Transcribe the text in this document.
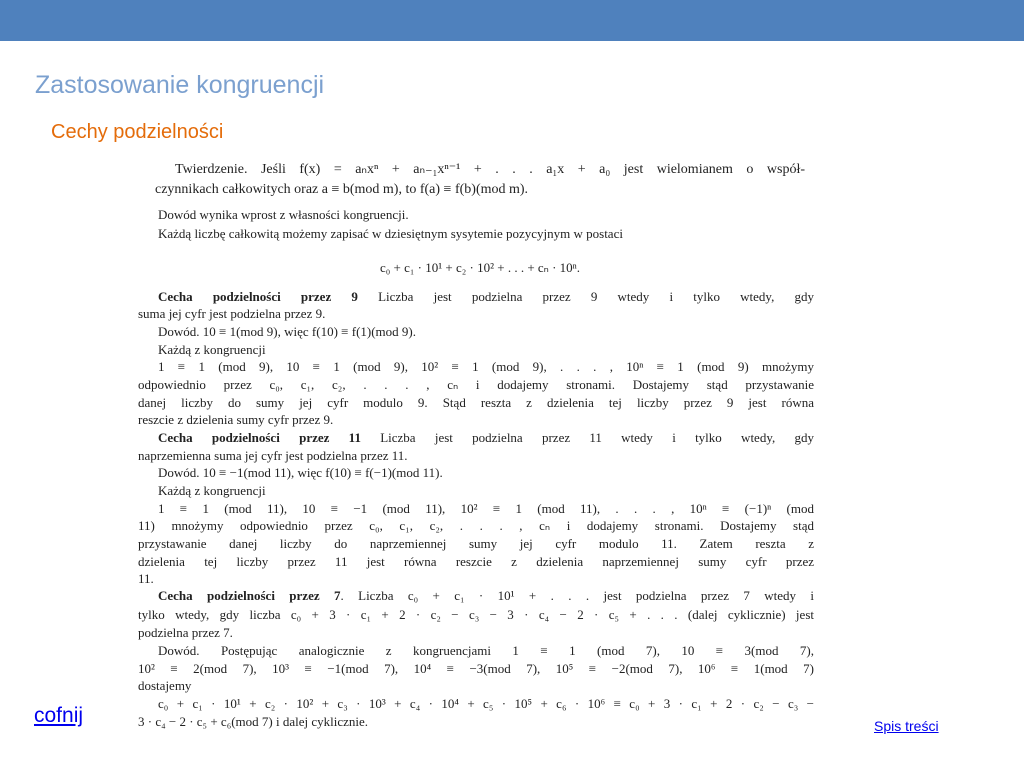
Zastosowanie kongruencji
Cechy podzielności
Twierdzenie. Jeśli f(x) = aₙxⁿ + aₙ₋₁xⁿ⁻¹ + . . . a₁x + a₀ jest wielomianem o współ-
czynnikach całkowitych oraz a ≡ b(mod m), to f(a) ≡ f(b)(mod m).
Dowód wynika wprost z własności kongruencji.
Każdą liczbę całkowitą możemy zapisać w dziesiętnym sysytemie pozycyjnym w postaci
c₀ + c₁ · 10¹ + c₂ · 10² + . . . + cₙ · 10ⁿ.
Cecha podzielności przez 9 Liczba jest podzielna przez 9 wtedy i tylko wtedy, gdy
suma jej cyfr jest podzielna przez 9.
Dowód. 10 ≡ 1(mod 9), więc f(10) ≡ f(1)(mod 9).
Każdą z kongruencji
1 ≡ 1 (mod 9), 10 ≡ 1 (mod 9), 10² ≡ 1 (mod 9), . . . , 10ⁿ ≡ 1 (mod 9) mnożymy
odpowiednio przez c₀, c₁, c₂, . . . , cₙ i dodajemy stronami. Dostajemy stąd przystawanie
danej liczby do sumy jej cyfr modulo 9. Stąd reszta z dzielenia tej liczby przez 9 jest równa
reszcie z dzielenia sumy cyfr przez 9.
Cecha podzielności przez 11 Liczba jest podzielna przez 11 wtedy i tylko wtedy, gdy
naprzemienna suma jej cyfr jest podzielna przez 11.
Dowód. 10 ≡ −1(mod 11), więc f(10) ≡ f(−1)(mod 11).
Każdą z kongruencji
1 ≡ 1 (mod 11), 10 ≡ −1 (mod 11), 10² ≡ 1 (mod 11), . . . , 10ⁿ ≡ (−1)ⁿ (mod
11) mnożymy odpowiednio przez c₀, c₁, c₂, . . . , cₙ i dodajemy stronami. Dostajemy stąd
przystawanie danej liczby do naprzemiennej sumy jej cyfr modulo 11. Zatem reszta z
dzielenia tej liczby przez 11 jest równa reszcie z dzielenia naprzemiennej sumy cyfr przez
11.
Cecha podzielności przez 7. Liczba c₀ + c₁ · 10¹ + . . . jest podzielna przez 7 wtedy i
tylko wtedy, gdy liczba c₀ + 3 · c₁ + 2 · c₂ − c₃ − 3 · c₄ − 2 · c₅ + . . . (dalej cyklicznie) jest
podzielna przez 7.
Dowód. Postępując analogicznie z kongruencjami 1 ≡ 1 (mod 7), 10 ≡ 3(mod 7),
10² ≡ 2(mod 7), 10³ ≡ −1(mod 7), 10⁴ ≡ −3(mod 7), 10⁵ ≡ −2(mod 7), 10⁶ ≡ 1(mod 7)
dostajemy
c₀ + c₁ · 10¹ + c₂ · 10² + c₃ · 10³ + c₄ · 10⁴ + c₅ · 10⁵ + c₆ · 10⁶ ≡ c₀ + 3 · c₁ + 2 · c₂ − c₃ −
3 · c₄ − 2 · c₅ + c₆(mod 7) i dalej cyklicznie.
cofnij	Spis treści
